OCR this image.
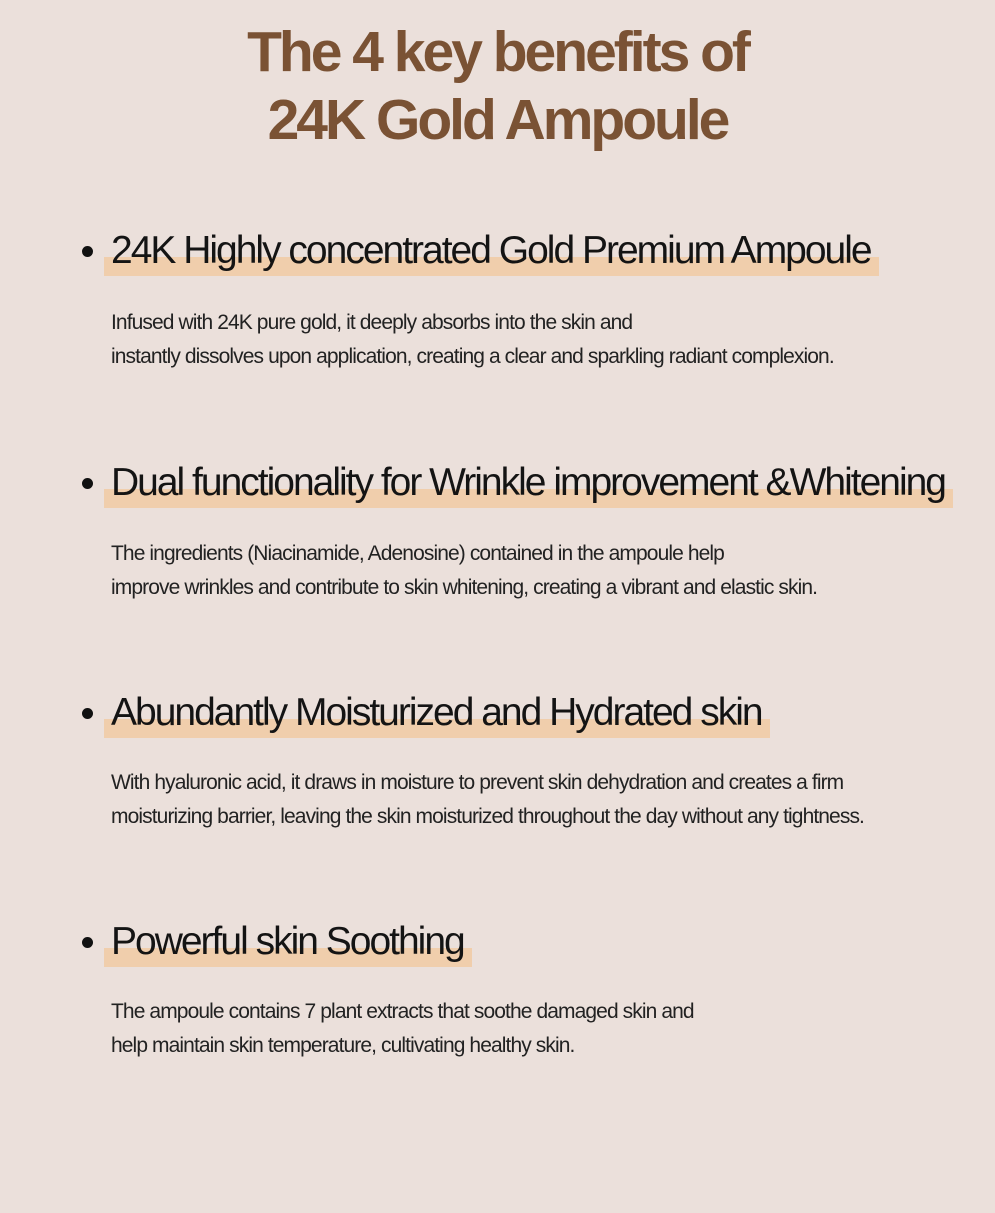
The 4 key benefits of
24K Gold Ampoule
24K Highly concentrated Gold Premium Ampoule
Infused with 24K pure gold, it deeply absorbs into the skin and
instantly dissolves upon application, creating a clear and sparkling radiant complexion.
Dual functionality for Wrinkle improvement &Whitening
The ingredients (Niacinamide, Adenosine) contained in the ampoule help
improve wrinkles and contribute to skin whitening, creating a vibrant and elastic skin.
Abundantly Moisturized and Hydrated skin
With hyaluronic acid, it draws in moisture to prevent skin dehydration and creates a firm
moisturizing barrier, leaving the skin moisturized throughout the day without any tightness.
Powerful skin Soothing
The ampoule contains 7 plant extracts that soothe damaged skin and
help maintain skin temperature, cultivating healthy skin.
